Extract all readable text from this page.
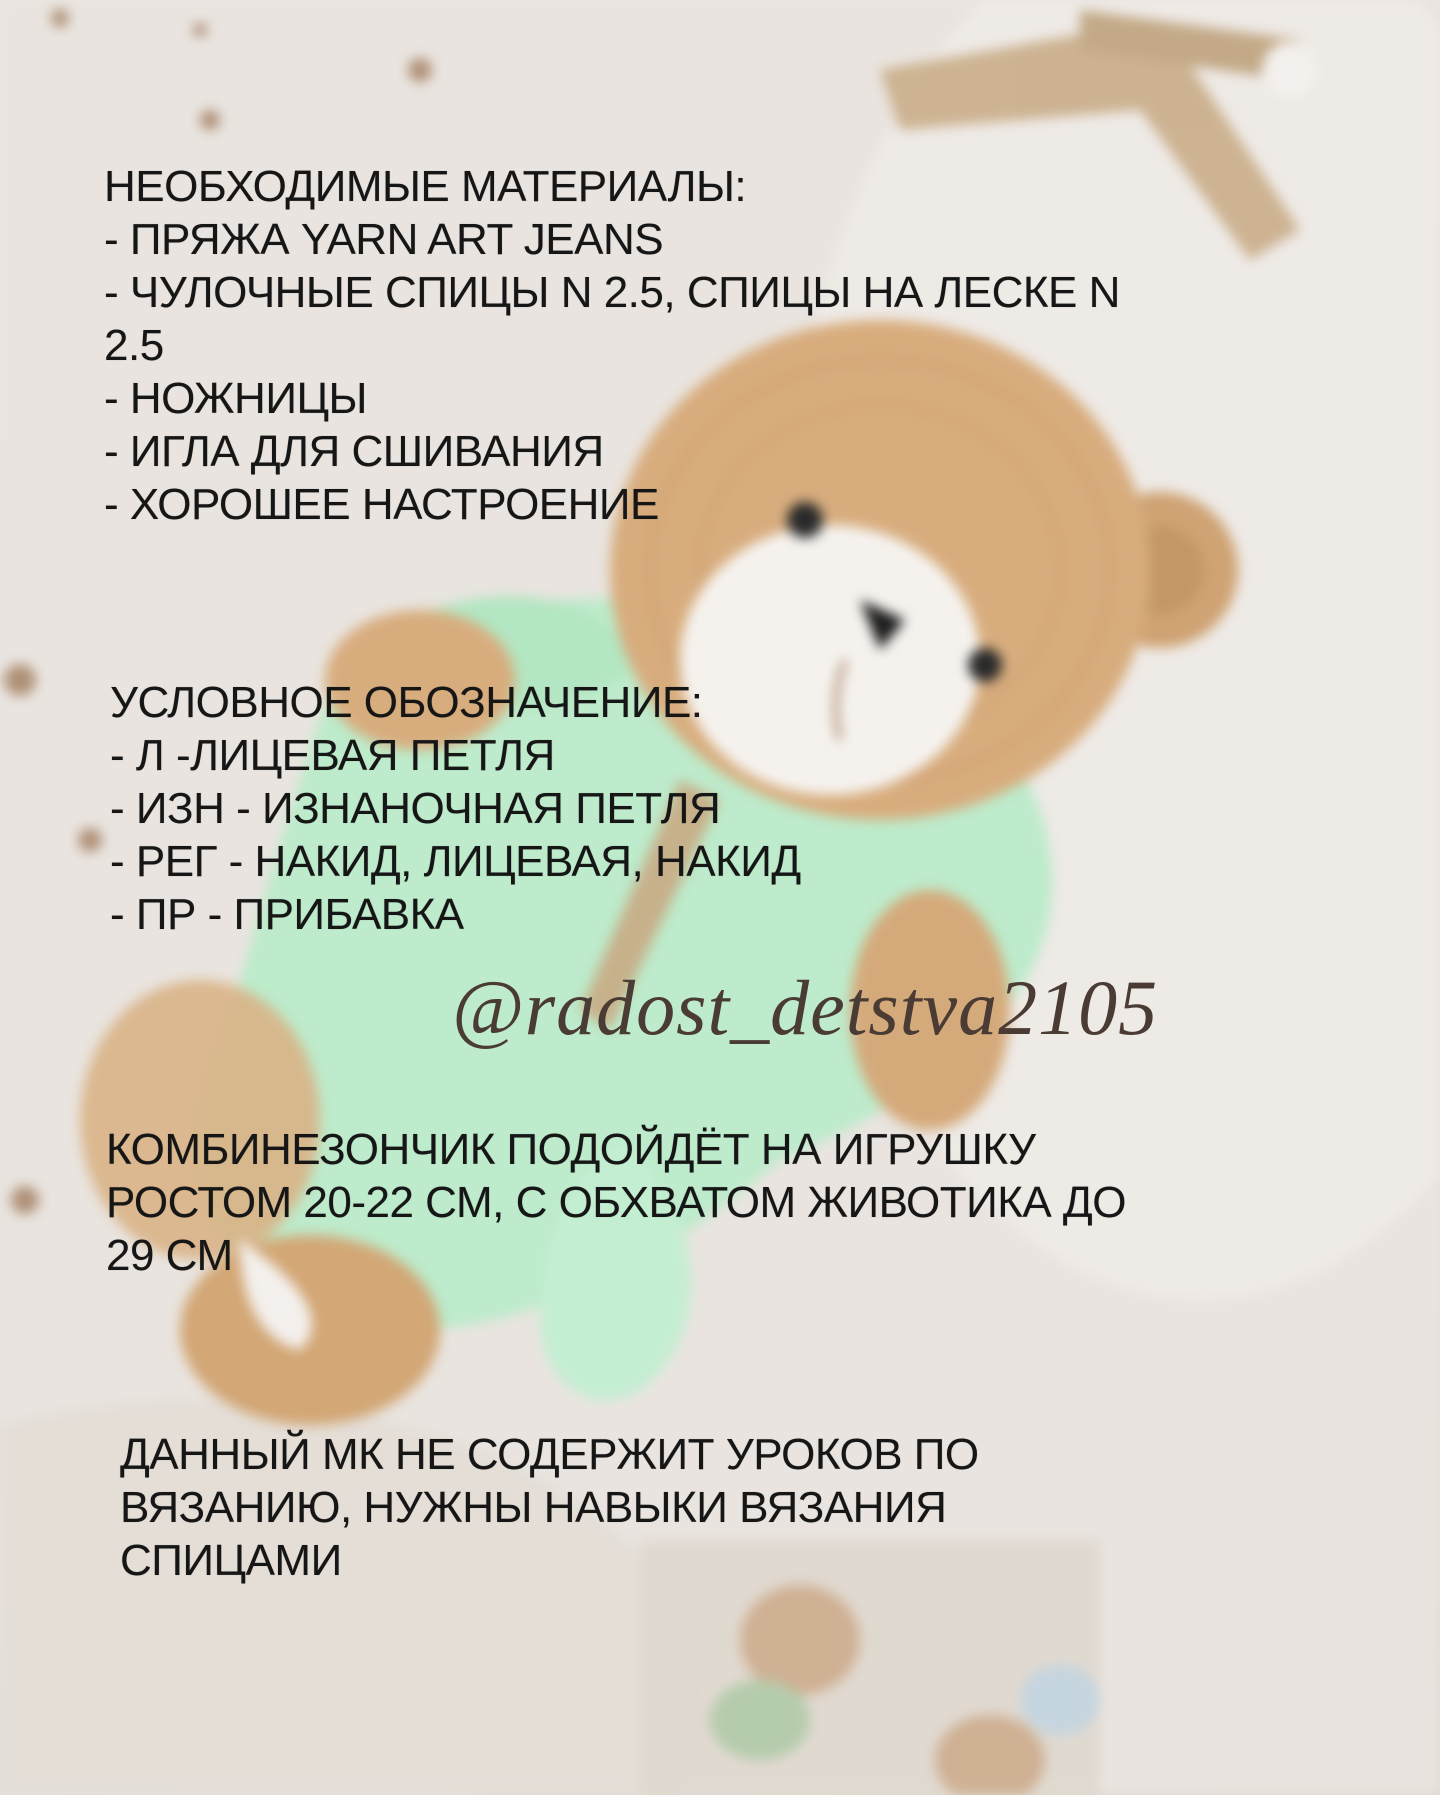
НЕОБХОДИМЫЕ МАТЕРИАЛЫ:
- ПРЯЖА YARN ART JEANS
- ЧУЛОЧНЫЕ СПИЦЫ N 2.5, СПИЦЫ НА ЛЕСКЕ N
2.5
- НОЖНИЦЫ
- ИГЛА ДЛЯ СШИВАНИЯ
- ХОРОШЕЕ НАСТРОЕНИЕ
УСЛОВНОЕ ОБОЗНАЧЕНИЕ:
- Л -ЛИЦЕВАЯ ПЕТЛЯ
- ИЗН - ИЗНАНОЧНАЯ ПЕТЛЯ
- РЕГ - НАКИД, ЛИЦЕВАЯ, НАКИД
- ПР - ПРИБАВКА
@radost_detstva2105
КОМБИНЕЗОНЧИК ПОДОЙДЁТ НА ИГРУШКУ
РОСТОМ 20-22 СМ, С ОБХВАТОМ ЖИВОТИКА ДО
29 СМ
ДАННЫЙ МК НЕ СОДЕРЖИТ УРОКОВ ПО
ВЯЗАНИЮ, НУЖНЫ НАВЫКИ ВЯЗАНИЯ
СПИЦАМИ
